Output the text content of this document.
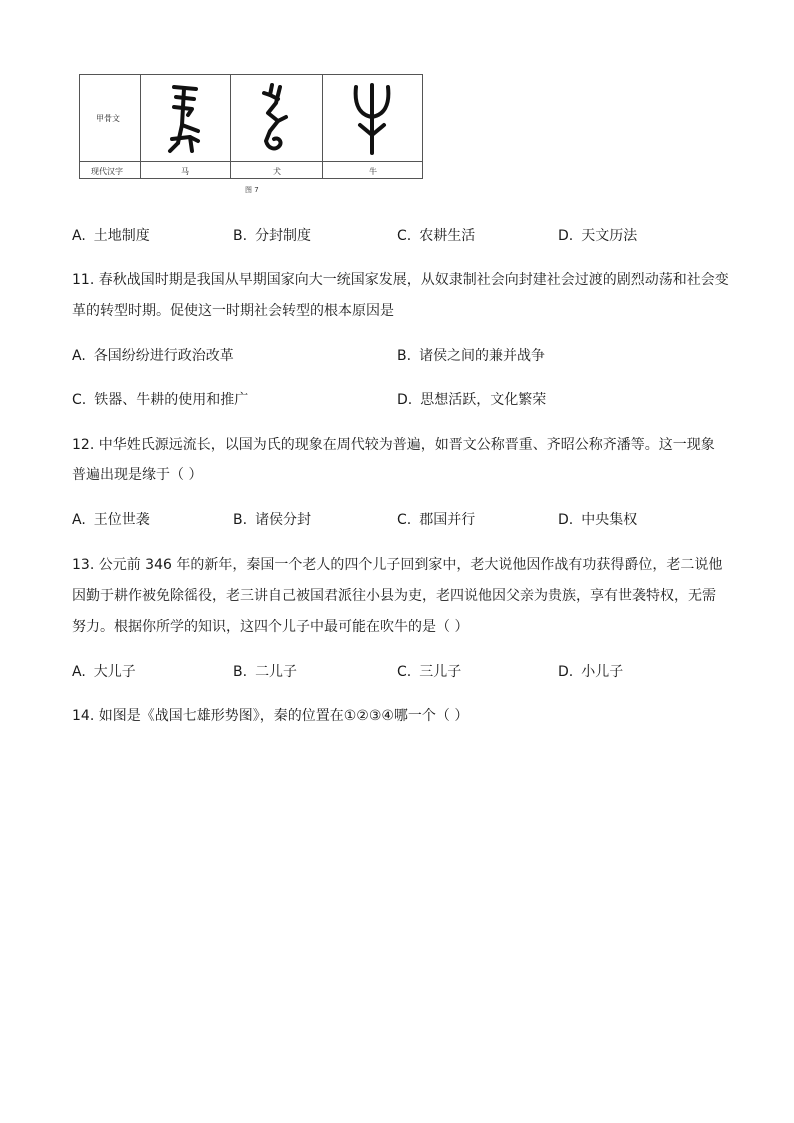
甲骨文
现代汉字	马	犬	牛
图 7
A. 土地制度	B. 分封制度	C. 农耕生活	D. 天文历法
11. 春秋战国时期是我国从早期国家向大一统国家发展，从奴隶制社会向封建社会过渡的剧烈动荡和社会变
革的转型时期。促使这一时期社会转型的根本原因是
A. 各国纷纷进行政治改革	B. 诸侯之间的兼并战争
C. 铁器、牛耕的使用和推广	D. 思想活跃，文化繁荣
12. 中华姓氏源远流长，以国为氏的现象在周代较为普遍，如晋文公称晋重、齐昭公称齐潘等。这一现象
普遍出现是缘于（ ）
A. 王位世袭	B. 诸侯分封	C. 郡国并行	D. 中央集权
13. 公元前 346 年的新年，秦国一个老人的四个儿子回到家中，老大说他因作战有功获得爵位，老二说他
因勤于耕作被免除徭役，老三讲自己被国君派往小县为吏，老四说他因父亲为贵族，享有世袭特权，无需
努力。根据你所学的知识，这四个儿子中最可能在吹牛的是（ ）
A. 大儿子	B. 二儿子	C. 三儿子	D. 小儿子
14. 如图是《战国七雄形势图》，秦的位置在①②③④哪一个（ ）
